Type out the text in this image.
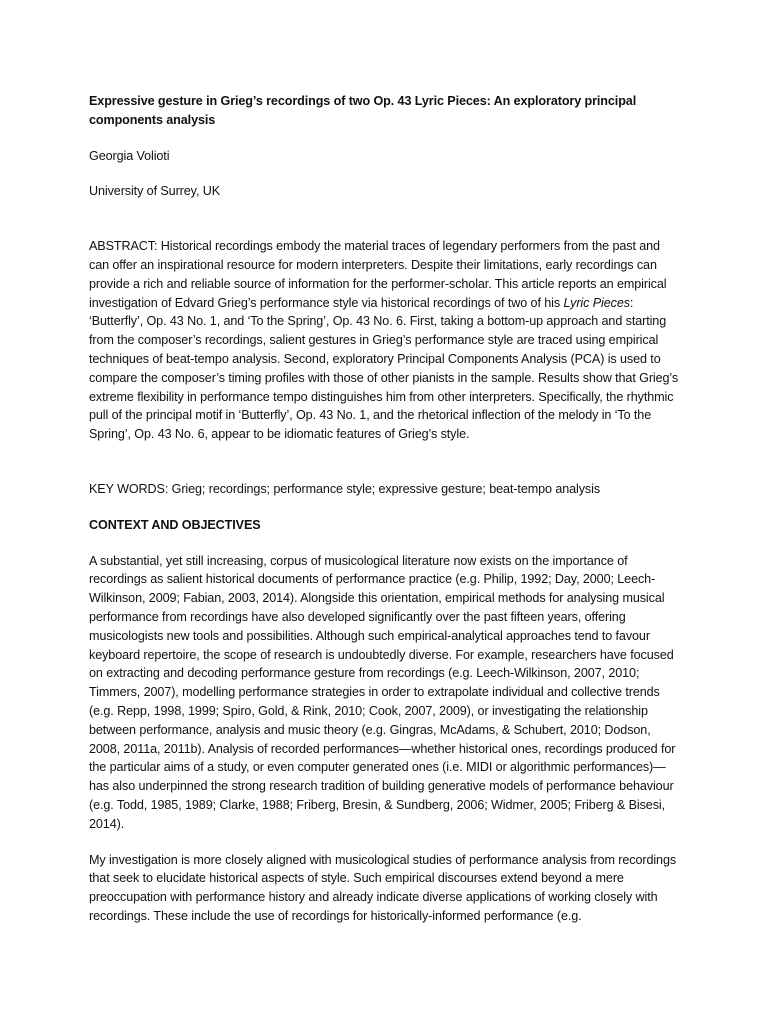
Expressive gesture in Grieg’s recordings of two Op. 43 Lyric Pieces: An exploratory principal components analysis

Georgia Volioti

University of Surrey, UK

ABSTRACT: Historical recordings embody the material traces of legendary performers from the past and can offer an inspirational resource for modern interpreters. Despite their limitations, early recordings can provide a rich and reliable source of information for the performer-scholar. This article reports an empirical investigation of Edvard Grieg’s performance style via historical recordings of two of his Lyric Pieces: ‘Butterfly’, Op. 43 No. 1, and ‘To the Spring’, Op. 43 No. 6. First, taking a bottom-up approach and starting from the composer’s recordings, salient gestures in Grieg’s performance style are traced using empirical techniques of beat-tempo analysis. Second, exploratory Principal Components Analysis (PCA) is used to compare the composer’s timing profiles with those of other pianists in the sample. Results show that Grieg’s extreme flexibility in performance tempo distinguishes him from other interpreters. Specifically, the rhythmic pull of the principal motif in ‘Butterfly’, Op. 43 No. 1, and the rhetorical inflection of the melody in ‘To the Spring’, Op. 43 No. 6, appear to be idiomatic features of Grieg’s style.

KEY WORDS: Grieg; recordings; performance style; expressive gesture; beat-tempo analysis

CONTEXT AND OBJECTIVES

A substantial, yet still increasing, corpus of musicological literature now exists on the importance of recordings as salient historical documents of performance practice (e.g. Philip, 1992; Day, 2000; Leech-Wilkinson, 2009; Fabian, 2003, 2014). Alongside this orientation, empirical methods for analysing musical performance from recordings have also developed significantly over the past fifteen years, offering musicologists new tools and possibilities. Although such empirical-analytical approaches tend to favour keyboard repertoire, the scope of research is undoubtedly diverse. For example, researchers have focused on extracting and decoding performance gesture from recordings (e.g. Leech-Wilkinson, 2007, 2010; Timmers, 2007), modelling performance strategies in order to extrapolate individual and collective trends (e.g. Repp, 1998, 1999; Spiro, Gold, & Rink, 2010; Cook, 2007, 2009), or investigating the relationship between performance, analysis and music theory (e.g. Gingras, McAdams, & Schubert, 2010; Dodson, 2008, 2011a, 2011b). Analysis of recorded performances—whether historical ones, recordings produced for the particular aims of a study, or even computer generated ones (i.e. MIDI or algorithmic performances)—has also underpinned the strong research tradition of building generative models of performance behaviour (e.g. Todd, 1985, 1989; Clarke, 1988; Friberg, Bresin, & Sundberg, 2006; Widmer, 2005; Friberg & Bisesi, 2014).

My investigation is more closely aligned with musicological studies of performance analysis from recordings that seek to elucidate historical aspects of style. Such empirical discourses extend beyond a mere preoccupation with performance history and already indicate diverse applications of working closely with recordings. These include the use of recordings for historically-informed performance (e.g.
